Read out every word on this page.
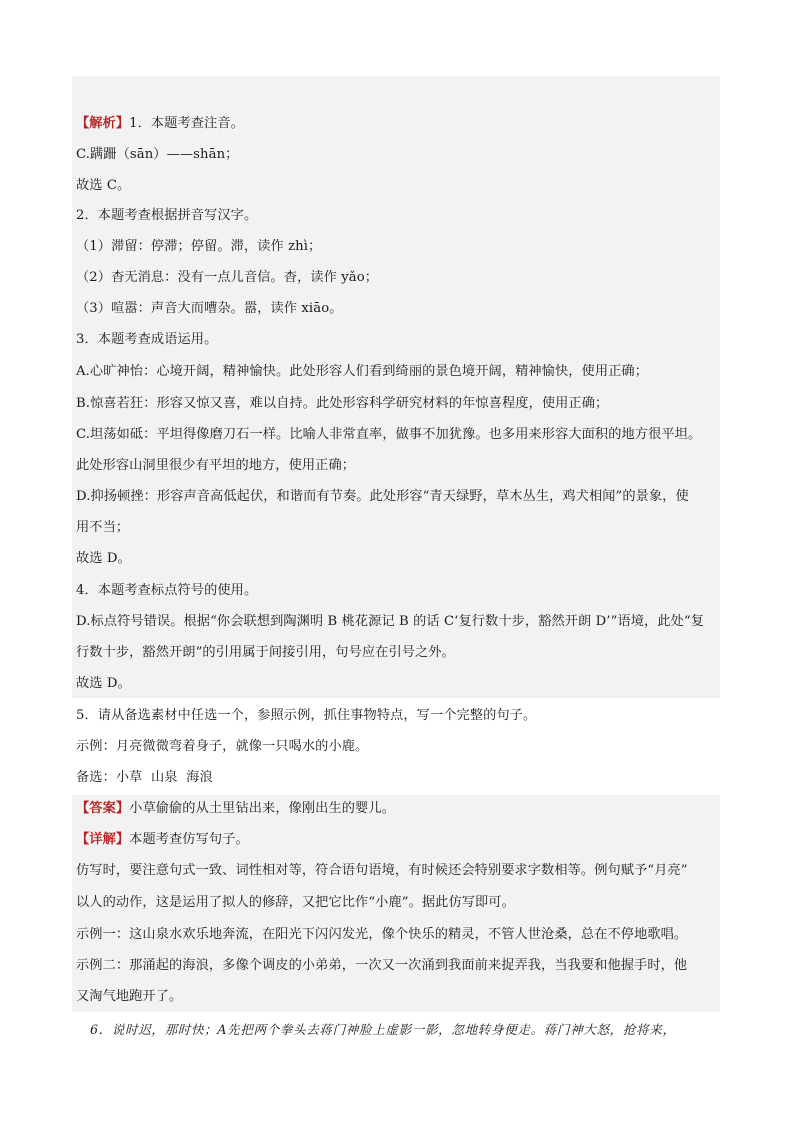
【解析】1．本题考查注音。
C.蹒跚（sān）——shān；
故选 C。
2．本题考查根据拼音写汉字。
（1）滞留：停滞；停留。滞，读作 zhì；
（2）杳无消息：没有一点儿音信。杳，读作 yǎo；
（3）喧嚣：声音大而嘈杂。嚣，读作 xiāo。
3．本题考查成语运用。
A.心旷神怡：心境开阔，精神愉快。此处形容人们看到绮丽的景色境开阔，精神愉快，使用正确；
B.惊喜若狂：形容又惊又喜，难以自持。此处形容科学研究材料的年惊喜程度，使用正确；
C.坦荡如砥：平坦得像磨刀石一样。比喻人非常直率，做事不加犹豫。也多用来形容大面积的地方很平坦。
此处形容山洞里很少有平坦的地方，使用正确；
D.抑扬顿挫：形容声音高低起伏，和谐而有节奏。此处形容“青天绿野，草木丛生，鸡犬相闻”的景象，使
用不当；
故选 D。
4．本题考查标点符号的使用。
D.标点符号错误。根据“你会联想到陶渊明 B 桃花源记 B 的话 C‘复行数十步，豁然开朗 D’”语境，此处“复
行数十步，豁然开朗”的引用属于间接引用，句号应在引号之外。
故选 D。
5．请从备选素材中任选一个，参照示例，抓住事物特点，写一个完整的句子。
示例：月亮微微弯着身子，就像一只喝水的小鹿。
备选：小草  山泉  海浪
【答案】小草偷偷的从土里钻出来，像刚出生的婴儿。
【详解】本题考查仿写句子。
仿写时，要注意句式一致、词性相对等，符合语句语境，有时候还会特别要求字数相等。例句赋予“月亮”
以人的动作，这是运用了拟人的修辞，又把它比作“小鹿”。据此仿写即可。
示例一：这山泉水欢乐地奔流，在阳光下闪闪发光，像个快乐的精灵，不管人世沧桑，总在不停地歌唱。
示例二：那涌起的海浪，多像个调皮的小弟弟，一次又一次涌到我面前来捉弄我，当我要和他握手时，他
又淘气地跑开了。
6．说时迟，那时快；A先把两个拳头去蒋门神脸上虚影一影，忽地转身便走。蒋门神大怒，抢将来，
